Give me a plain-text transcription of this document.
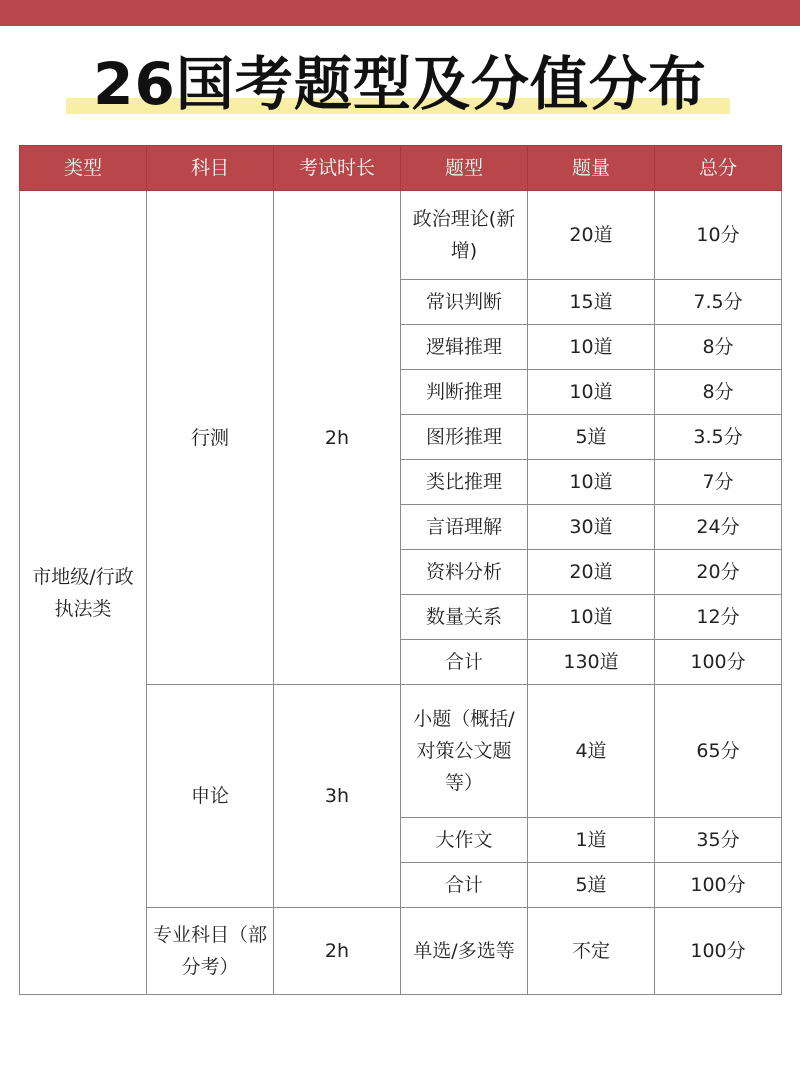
26国考题型及分值分布
类型	科目	考试时长	题型	题量	总分
市地级/行政执法类	行测	2h	政治理论(新增)	20道	10分
			常识判断	15道	7.5分
			逻辑推理	10道	8分
			判断推理	10道	8分
			图形推理	5道	3.5分
			类比推理	10道	7分
			言语理解	30道	24分
			资料分析	20道	20分
			数量关系	10道	12分
			合计	130道	100分
	申论	3h	小题（概括/对策公文题等）	4道	65分
			大作文	1道	35分
			合计	5道	100分
	专业科目（部分考）	2h	单选/多选等	不定	100分
